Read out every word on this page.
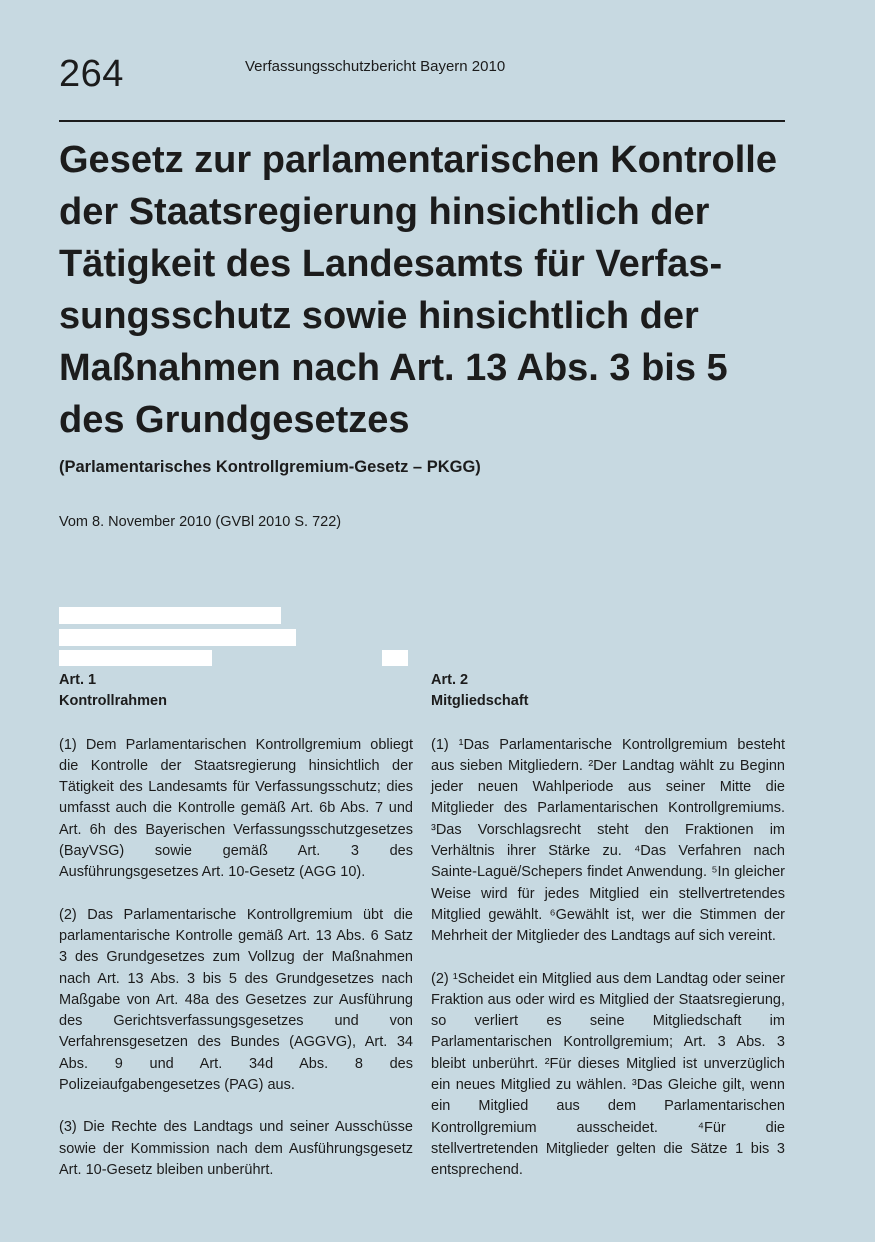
264	Verfassungsschutzbericht Bayern 2010
Gesetz zur parlamentarischen Kontrolle
der Staatsregierung hinsichtlich der
Tätigkeit des Landesamts für Verfas-
sungsschutz sowie hinsichtlich der
Maßnahmen nach Art. 13 Abs. 3 bis 5
des Grundgesetzes
(Parlamentarisches Kontrollgremium-Gesetz – PKGG)
Vom 8. November 2010 (GVBl 2010 S. 722)
Art. 1
Kontrollrahmen

(1) Dem Parlamentarischen Kontrollgremium obliegt die Kontrolle der Staatsregierung hinsichtlich der Tätigkeit des Landesamts für Verfassungsschutz; dies umfasst auch die Kontrolle gemäß Art. 6b Abs. 7 und Art. 6h des Bayerischen Verfassungsschutzgesetzes (BayVSG) sowie gemäß Art. 3 des Ausführungsgesetzes Art. 10-Gesetz (AGG 10).

(2) Das Parlamentarische Kontrollgremium übt die parlamentarische Kontrolle gemäß Art. 13 Abs. 6 Satz 3 des Grundgesetzes zum Vollzug der Maßnahmen nach Art. 13 Abs. 3 bis 5 des Grundgesetzes nach Maßgabe von Art. 48a des Gesetzes zur Ausführung des Gerichtsverfassungsgesetzes und von Verfahrensgesetzen des Bundes (AGGVG), Art. 34 Abs. 9 und Art. 34d Abs. 8 des Polizeiaufgabengesetzes (PAG) aus.

(3) Die Rechte des Landtags und seiner Ausschüsse sowie der Kommission nach dem Ausführungsgesetz Art. 10-Gesetz bleiben unberührt.

Art. 2
Mitgliedschaft

(1) ¹Das Parlamentarische Kontrollgremium besteht aus sieben Mitgliedern. ²Der Landtag wählt zu Beginn jeder neuen Wahlperiode aus seiner Mitte die Mitglieder des Parlamentarischen Kontrollgremiums. ³Das Vorschlagsrecht steht den Fraktionen im Verhältnis ihrer Stärke zu. ⁴Das Verfahren nach Sainte-Laguë/Schepers findet Anwendung. ⁵In gleicher Weise wird für jedes Mitglied ein stellvertretendes Mitglied gewählt. ⁶Gewählt ist, wer die Stimmen der Mehrheit der Mitglieder des Landtags auf sich vereint.

(2) ¹Scheidet ein Mitglied aus dem Landtag oder seiner Fraktion aus oder wird es Mitglied der Staatsregierung, so verliert es seine Mitgliedschaft im Parlamentarischen Kontrollgremium; Art. 3 Abs. 3 bleibt unberührt. ²Für dieses Mitglied ist unverzüglich ein neues Mitglied zu wählen. ³Das Gleiche gilt, wenn ein Mitglied aus dem Parlamentarischen Kontrollgremium ausscheidet. ⁴Für die stellvertretenden Mitglieder gelten die Sätze 1 bis 3 entsprechend.
